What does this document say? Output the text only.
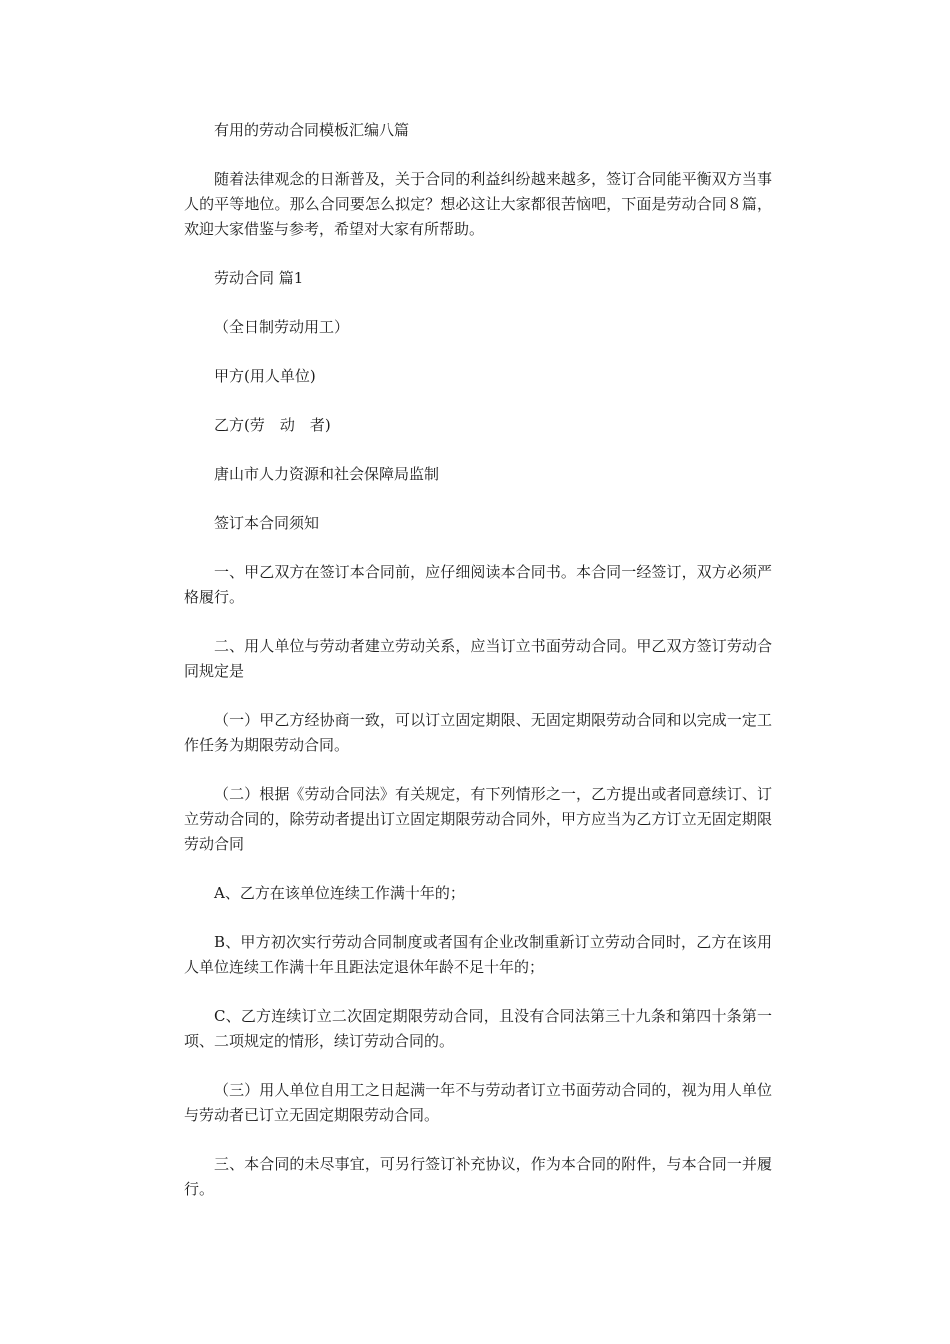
有用的劳动合同模板汇编八篇

随着法律观念的日渐普及，关于合同的利益纠纷越来越多，签订合同能平衡双方当事人的平等地位。那么合同要怎么拟定？想必这让大家都很苦恼吧，下面是劳动合同８篇，欢迎大家借鉴与参考，希望对大家有所帮助。

劳动合同 篇1

（全日制劳动用工）

甲方(用人单位)

乙方(劳　动　者)

唐山市人力资源和社会保障局监制

签订本合同须知

一、甲乙双方在签订本合同前，应仔细阅读本合同书。本合同一经签订，双方必须严格履行。

二、用人单位与劳动者建立劳动关系，应当订立书面劳动合同。甲乙双方签订劳动合同规定是

（一）甲乙方经协商一致，可以订立固定期限、无固定期限劳动合同和以完成一定工作任务为期限劳动合同。

（二）根据《劳动合同法》有关规定，有下列情形之一，乙方提出或者同意续订、订立劳动合同的，除劳动者提出订立固定期限劳动合同外，甲方应当为乙方订立无固定期限劳动合同

A、乙方在该单位连续工作满十年的；

B、甲方初次实行劳动合同制度或者国有企业改制重新订立劳动合同时，乙方在该用人单位连续工作满十年且距法定退休年龄不足十年的；

C、乙方连续订立二次固定期限劳动合同，且没有合同法第三十九条和第四十条第一项、二项规定的情形，续订劳动合同的。

（三）用人单位自用工之日起满一年不与劳动者订立书面劳动合同的，视为用人单位与劳动者已订立无固定期限劳动合同。

三、本合同的未尽事宜，可另行签订补充协议，作为本合同的附件，与本合同一并履行。
